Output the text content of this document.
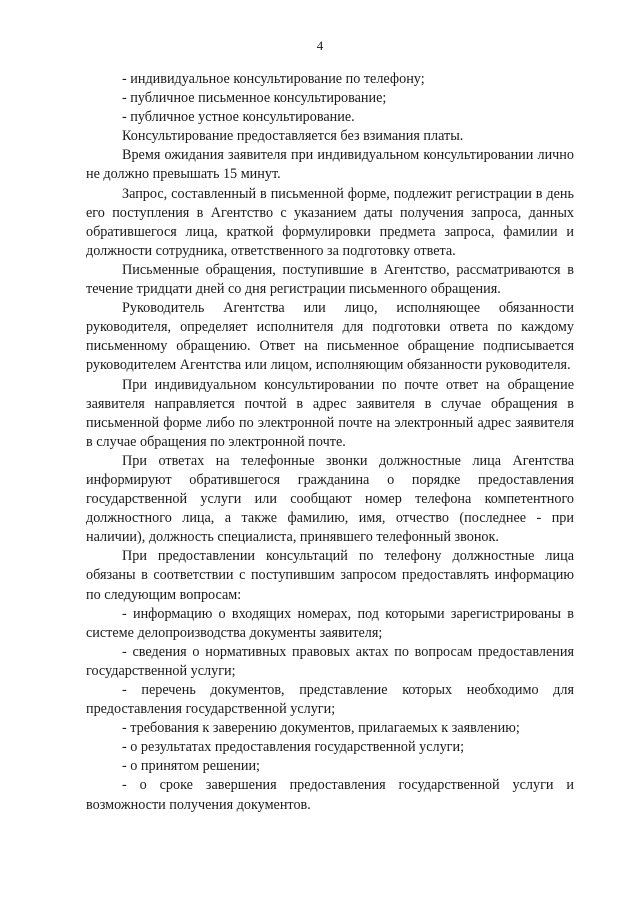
4

- индивидуальное консультирование по телефону;

- публичное письменное консультирование;

- публичное устное консультирование.

Консультирование предоставляется без взимания платы.

Время ожидания заявителя при индивидуальном консультировании лично не должно превышать 15 минут.

Запрос, составленный в письменной форме, подлежит регистрации в день его поступления в Агентство с указанием даты получения запроса, данных обратившегося лица, краткой формулировки предмета запроса, фамилии и должности сотрудника, ответственного за подготовку ответа.

Письменные обращения, поступившие в Агентство, рассматриваются в течение тридцати дней со дня регистрации письменного обращения.

Руководитель Агентства или лицо, исполняющее обязанности руководителя, определяет исполнителя для подготовки ответа по каждому письменному обращению. Ответ на письменное обращение подписывается руководителем Агентства или лицом, исполняющим обязанности руководителя.

При индивидуальном консультировании по почте ответ на обращение заявителя направляется почтой в адрес заявителя в случае обращения в письменной форме либо по электронной почте на электронный адрес заявителя в случае обращения по электронной почте.

При ответах на телефонные звонки должностные лица Агентства информируют обратившегося гражданина о порядке предоставления государственной услуги или сообщают номер телефона компетентного должностного лица, а также фамилию, имя, отчество (последнее - при наличии), должность специалиста, принявшего телефонный звонок.

При предоставлении консультаций по телефону должностные лица обязаны в соответствии с поступившим запросом предоставлять информацию по следующим вопросам:

- информацию о входящих номерах, под которыми зарегистрированы в системе делопроизводства документы заявителя;

- сведения о нормативных правовых актах по вопросам предоставления государственной услуги;

- перечень документов, представление которых необходимо для предоставления государственной услуги;

- требования к заверению документов, прилагаемых к заявлению;

- о результатах предоставления государственной услуги;

- о принятом решении;

- о сроке завершения предоставления государственной услуги и возможности получения документов.
